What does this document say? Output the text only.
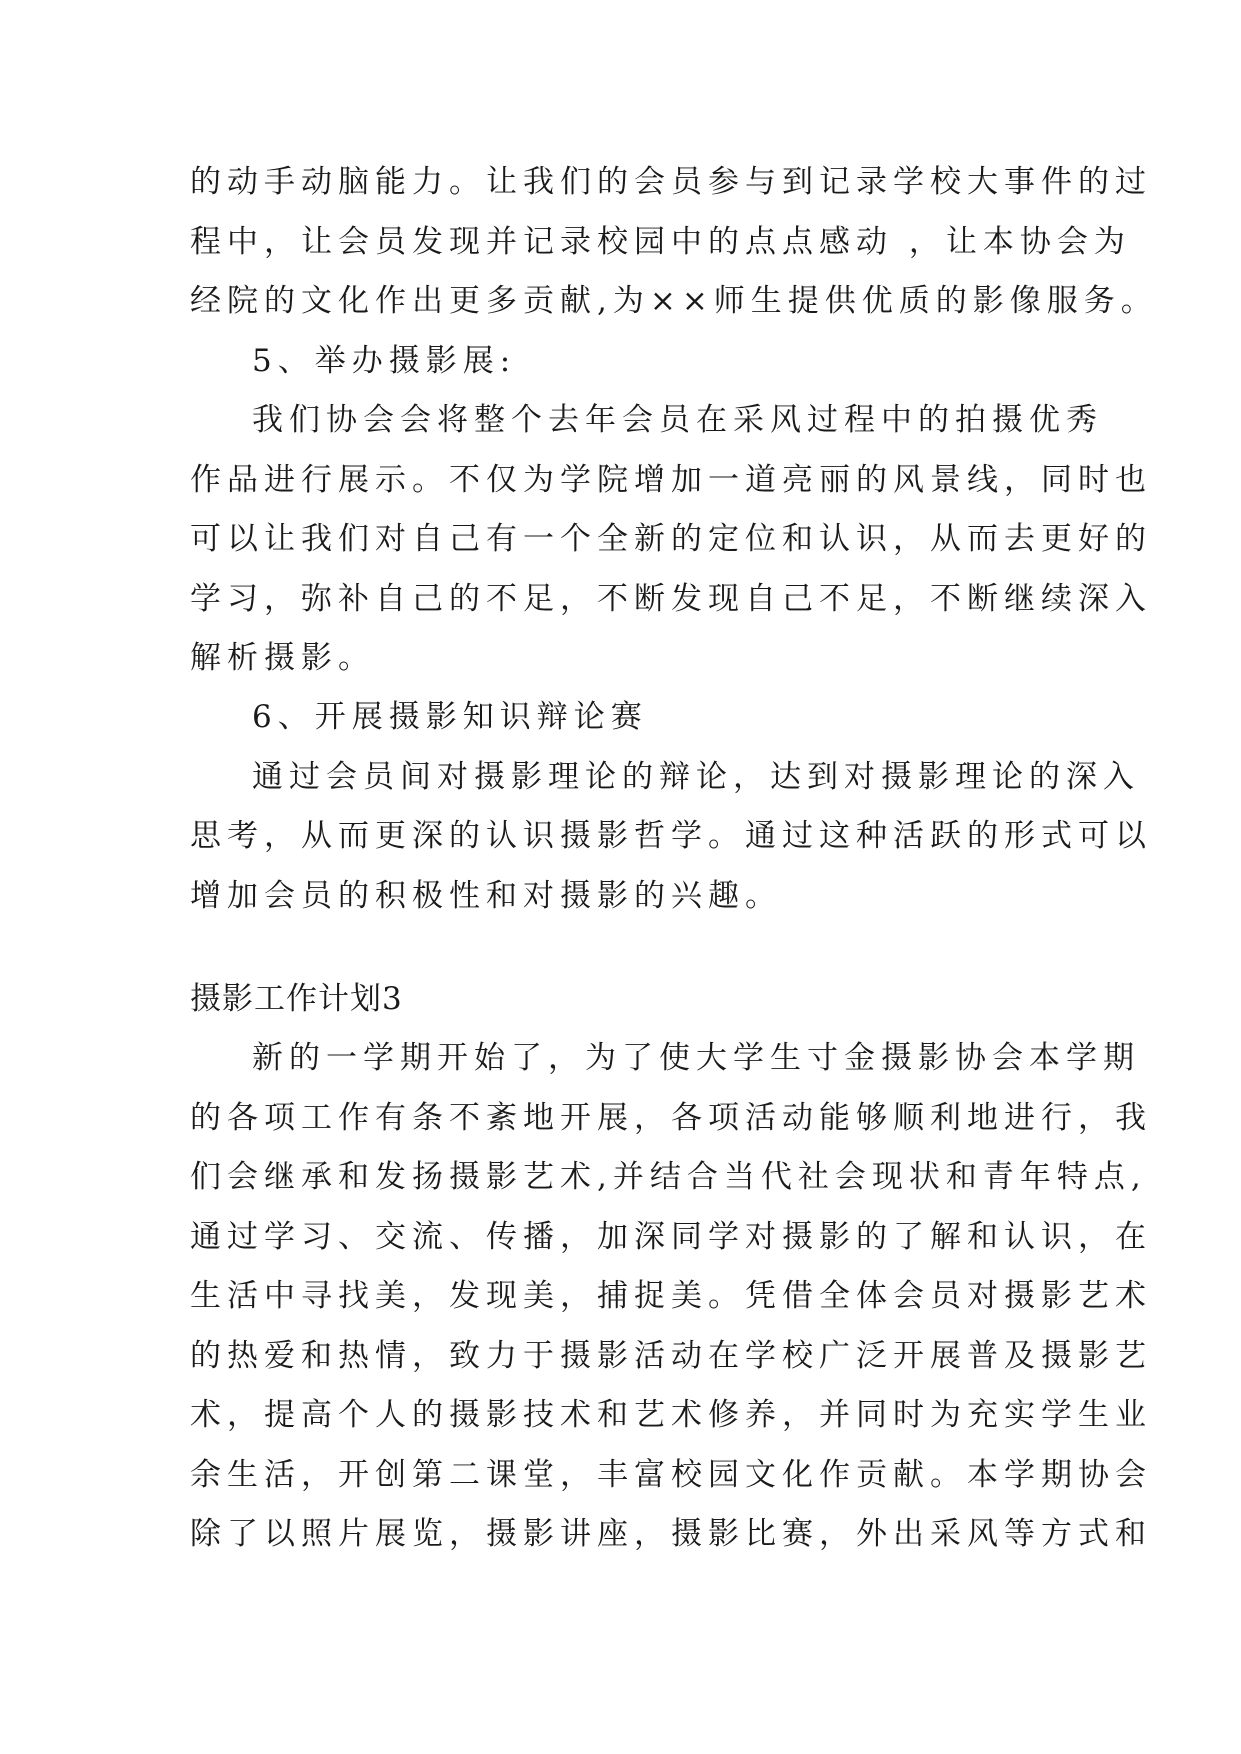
的动手动脑能力。让我们的会员参与到记录学校大事件的过
程中，让会员发现并记录校园中的点点感动 ，让本协会为
经院的文化作出更多贡献,为××师生提供优质的影像服务。
5、举办摄影展:
我们协会会将整个去年会员在采风过程中的拍摄优秀
作品进行展示。不仅为学院增加一道亮丽的风景线，同时也
可以让我们对自己有一个全新的定位和认识，从而去更好的
学习，弥补自己的不足，不断发现自己不足，不断继续深入
解析摄影。
6、开展摄影知识辩论赛
通过会员间对摄影理论的辩论，达到对摄影理论的深入
思考，从而更深的认识摄影哲学。通过这种活跃的形式可以
增加会员的积极性和对摄影的兴趣。
摄影工作计划3
新的一学期开始了，为了使大学生寸金摄影协会本学期
的各项工作有条不紊地开展，各项活动能够顺利地进行，我
们会继承和发扬摄影艺术,并结合当代社会现状和青年特点,
通过学习、交流、传播，加深同学对摄影的了解和认识，在
生活中寻找美，发现美，捕捉美。凭借全体会员对摄影艺术
的热爱和热情，致力于摄影活动在学校广泛开展普及摄影艺
术，提高个人的摄影技术和艺术修养，并同时为充实学生业
余生活，开创第二课堂，丰富校园文化作贡献。本学期协会
除了以照片展览，摄影讲座，摄影比赛，外出采风等方式和
